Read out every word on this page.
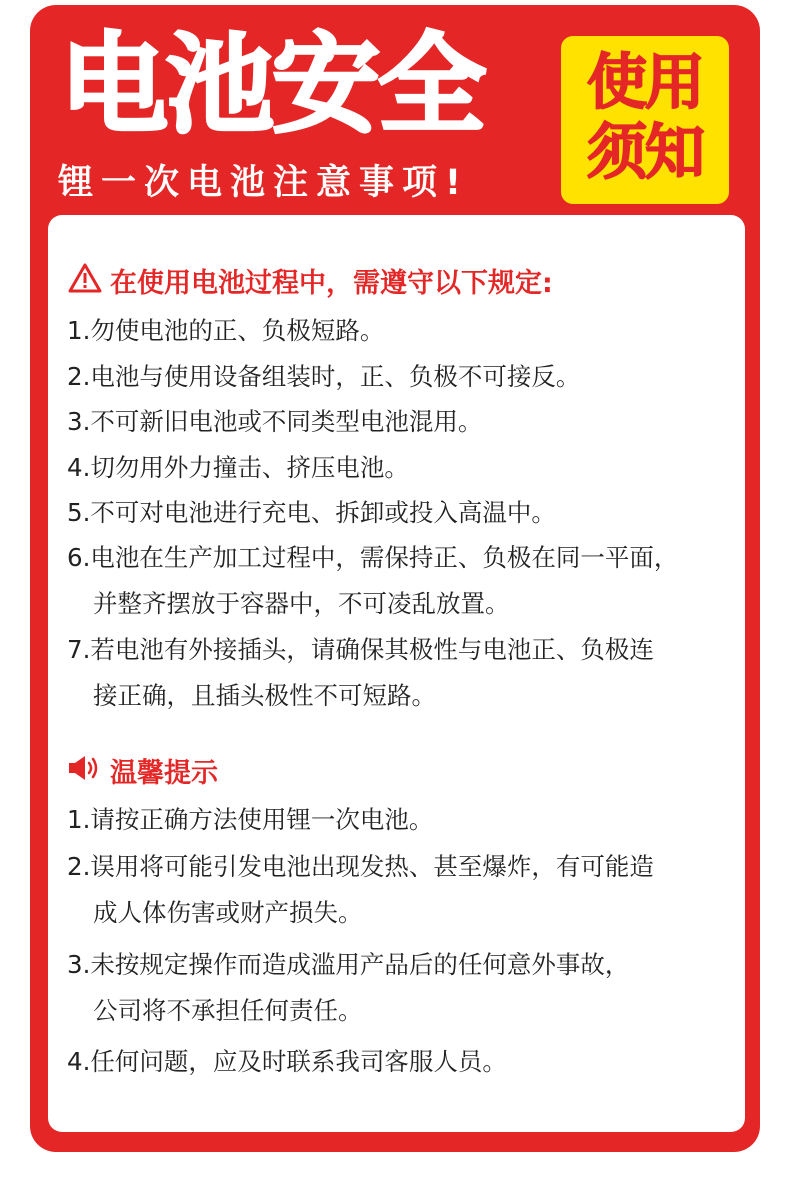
电池安全
锂一次电池注意事项!
使用
须知
在使用电池过程中，需遵守以下规定:
1.勿使电池的正、负极短路。
2.电池与使用设备组装时，正、负极不可接反。
3.不可新旧电池或不同类型电池混用。
4.切勿用外力撞击、挤压电池。
5.不可对电池进行充电、拆卸或投入高温中。
6.电池在生产加工过程中，需保持正、负极在同一平面，
并整齐摆放于容器中，不可凌乱放置。
7.若电池有外接插头，请确保其极性与电池正、负极连
接正确，且插头极性不可短路。
温馨提示
1.请按正确方法使用锂一次电池。
2.误用将可能引发电池出现发热、甚至爆炸，有可能造
成人体伤害或财产损失。
3.未按规定操作而造成滥用产品后的任何意外事故，
公司将不承担任何责任。
4.任何问题，应及时联系我司客服人员。
